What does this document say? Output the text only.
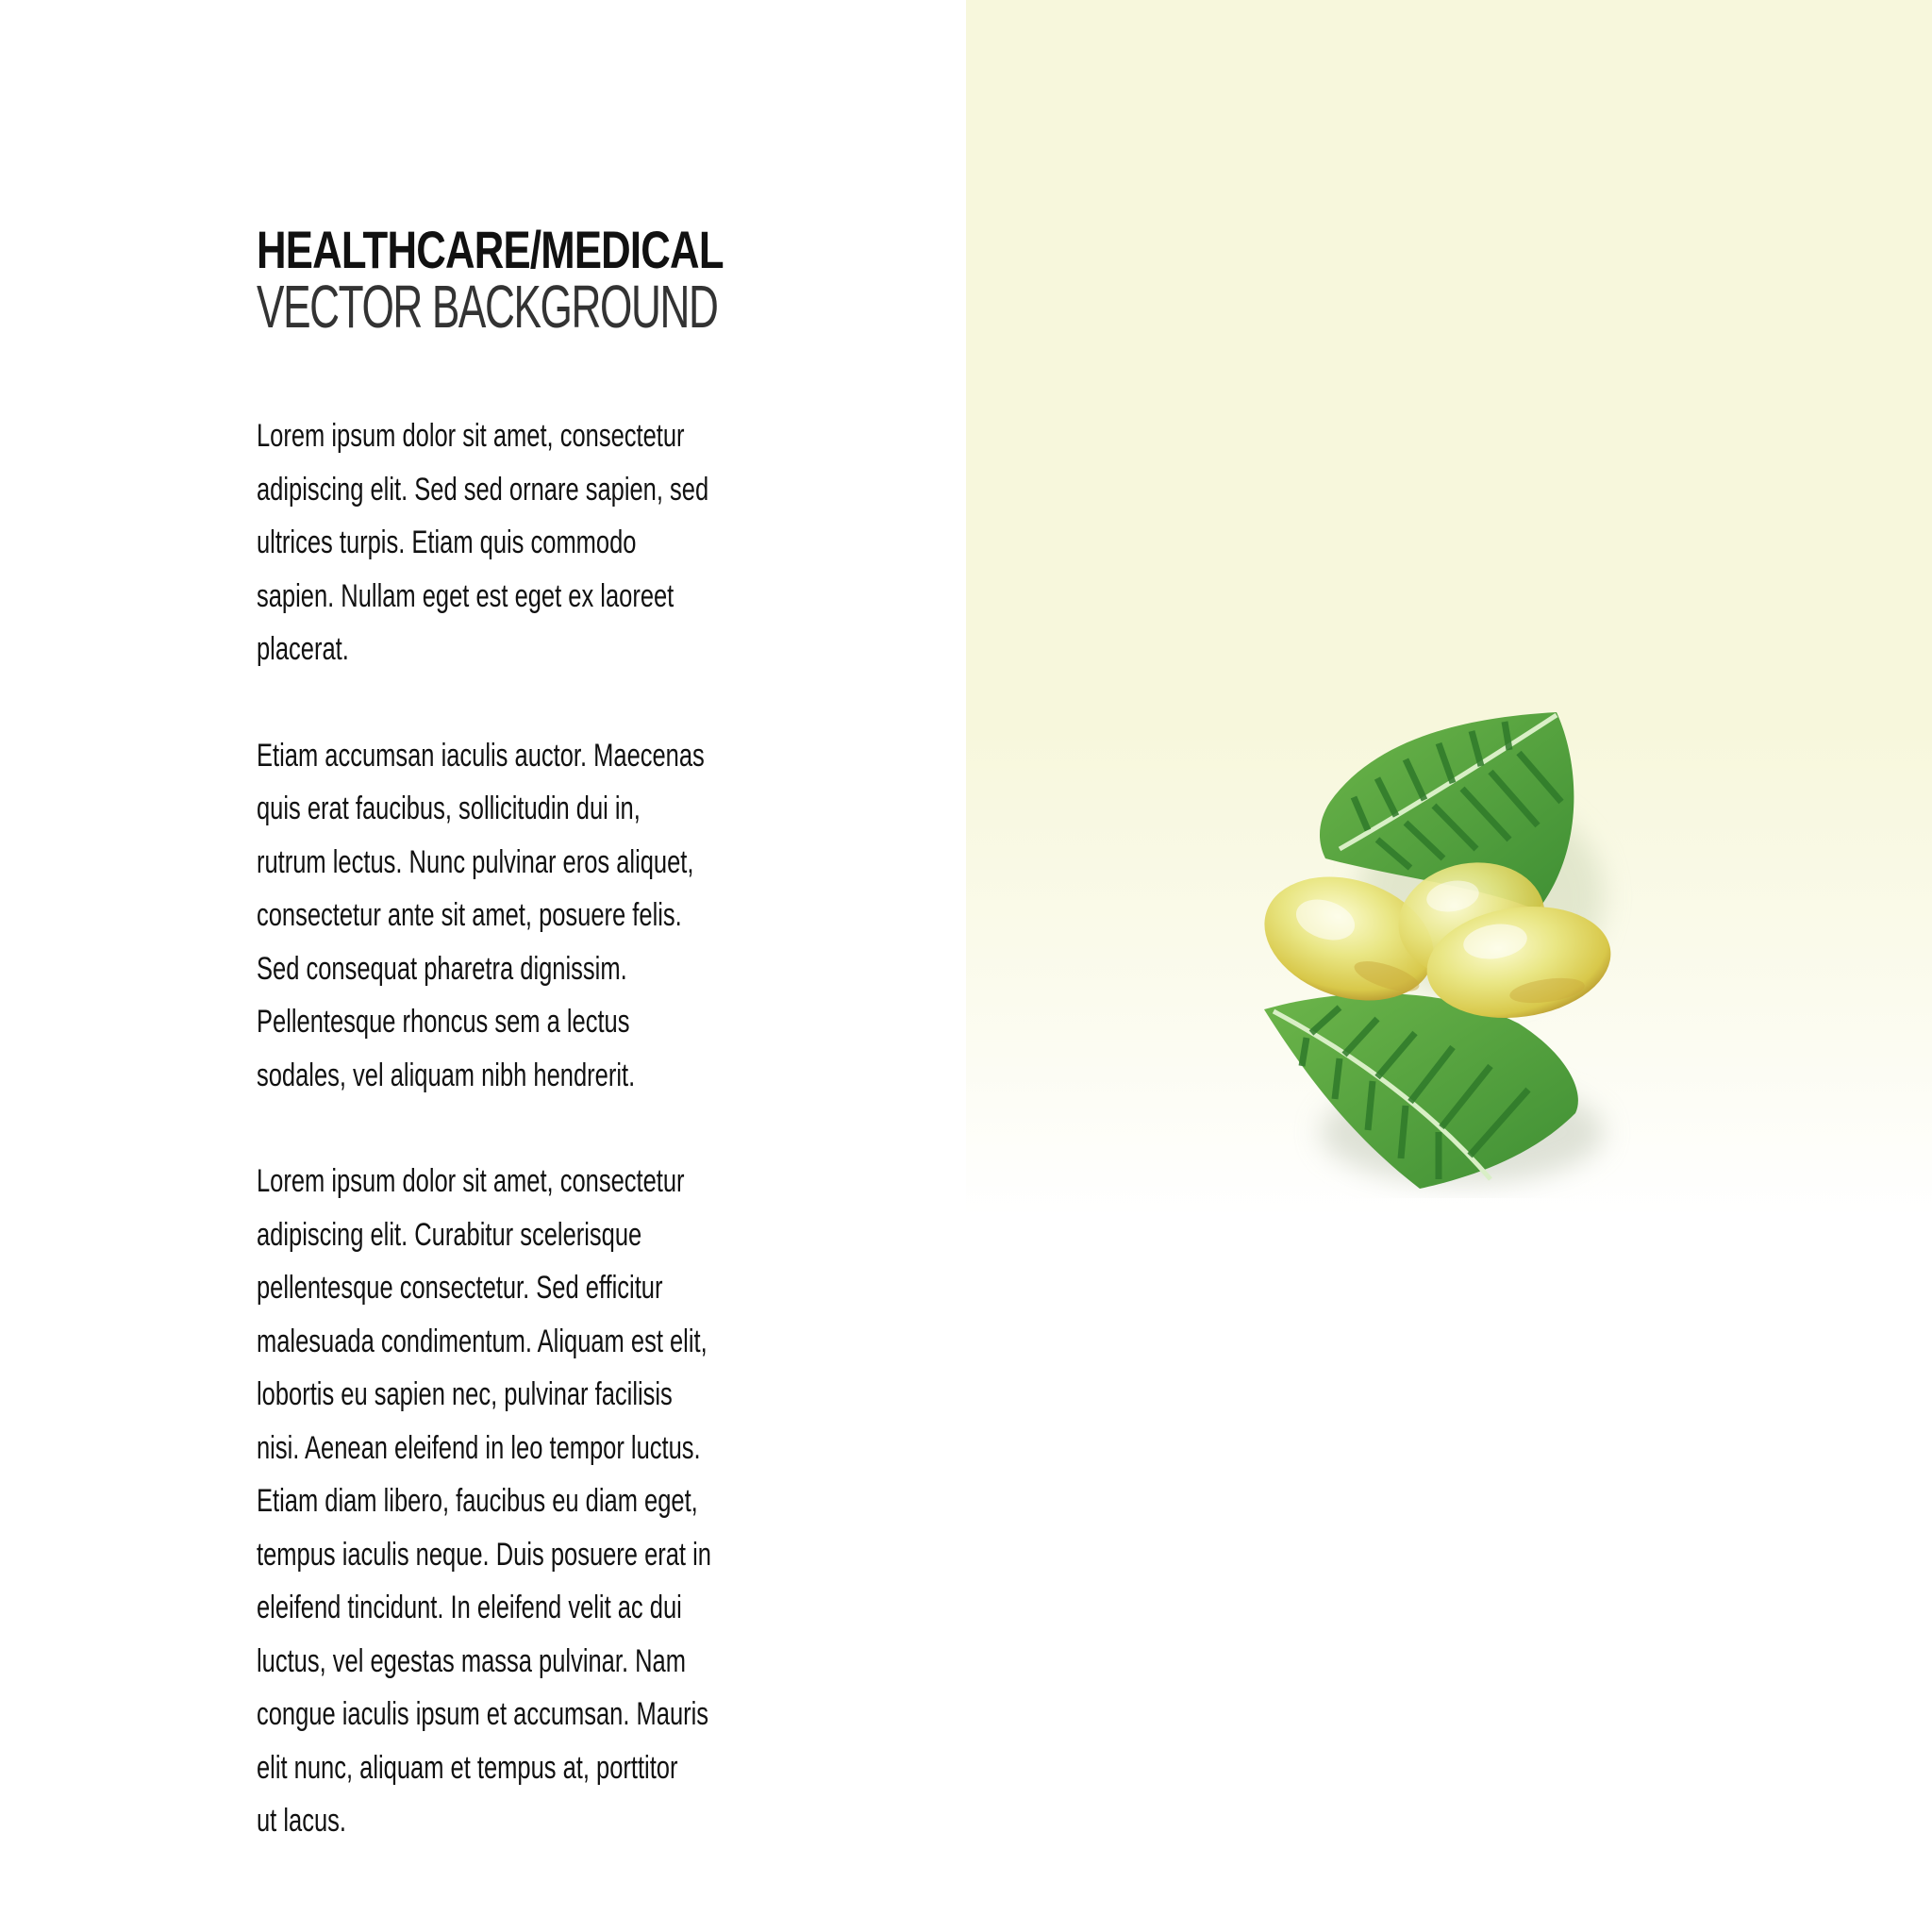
HEALTHCARE/MEDICAL
VECTOR BACKGROUND
Lorem ipsum dolor sit amet, consectetur
adipiscing elit. Sed sed ornare sapien, sed
ultrices turpis. Etiam quis commodo
sapien. Nullam eget est eget ex laoreet
placerat.
Etiam accumsan iaculis auctor. Maecenas
quis erat faucibus, sollicitudin dui in,
rutrum lectus. Nunc pulvinar eros aliquet,
consectetur ante sit amet, posuere felis.
Sed consequat pharetra dignissim.
Pellentesque rhoncus sem a lectus
sodales, vel aliquam nibh hendrerit.
Lorem ipsum dolor sit amet, consectetur
adipiscing elit. Curabitur scelerisque
pellentesque consectetur. Sed efficitur
malesuada condimentum. Aliquam est elit,
lobortis eu sapien nec, pulvinar facilisis
nisi. Aenean eleifend in leo tempor luctus.
Etiam diam libero, faucibus eu diam eget,
tempus iaculis neque. Duis posuere erat in
eleifend tincidunt. In eleifend velit ac dui
luctus, vel egestas massa pulvinar. Nam
congue iaculis ipsum et accumsan. Mauris
elit nunc, aliquam et tempus at, porttitor
ut lacus.
